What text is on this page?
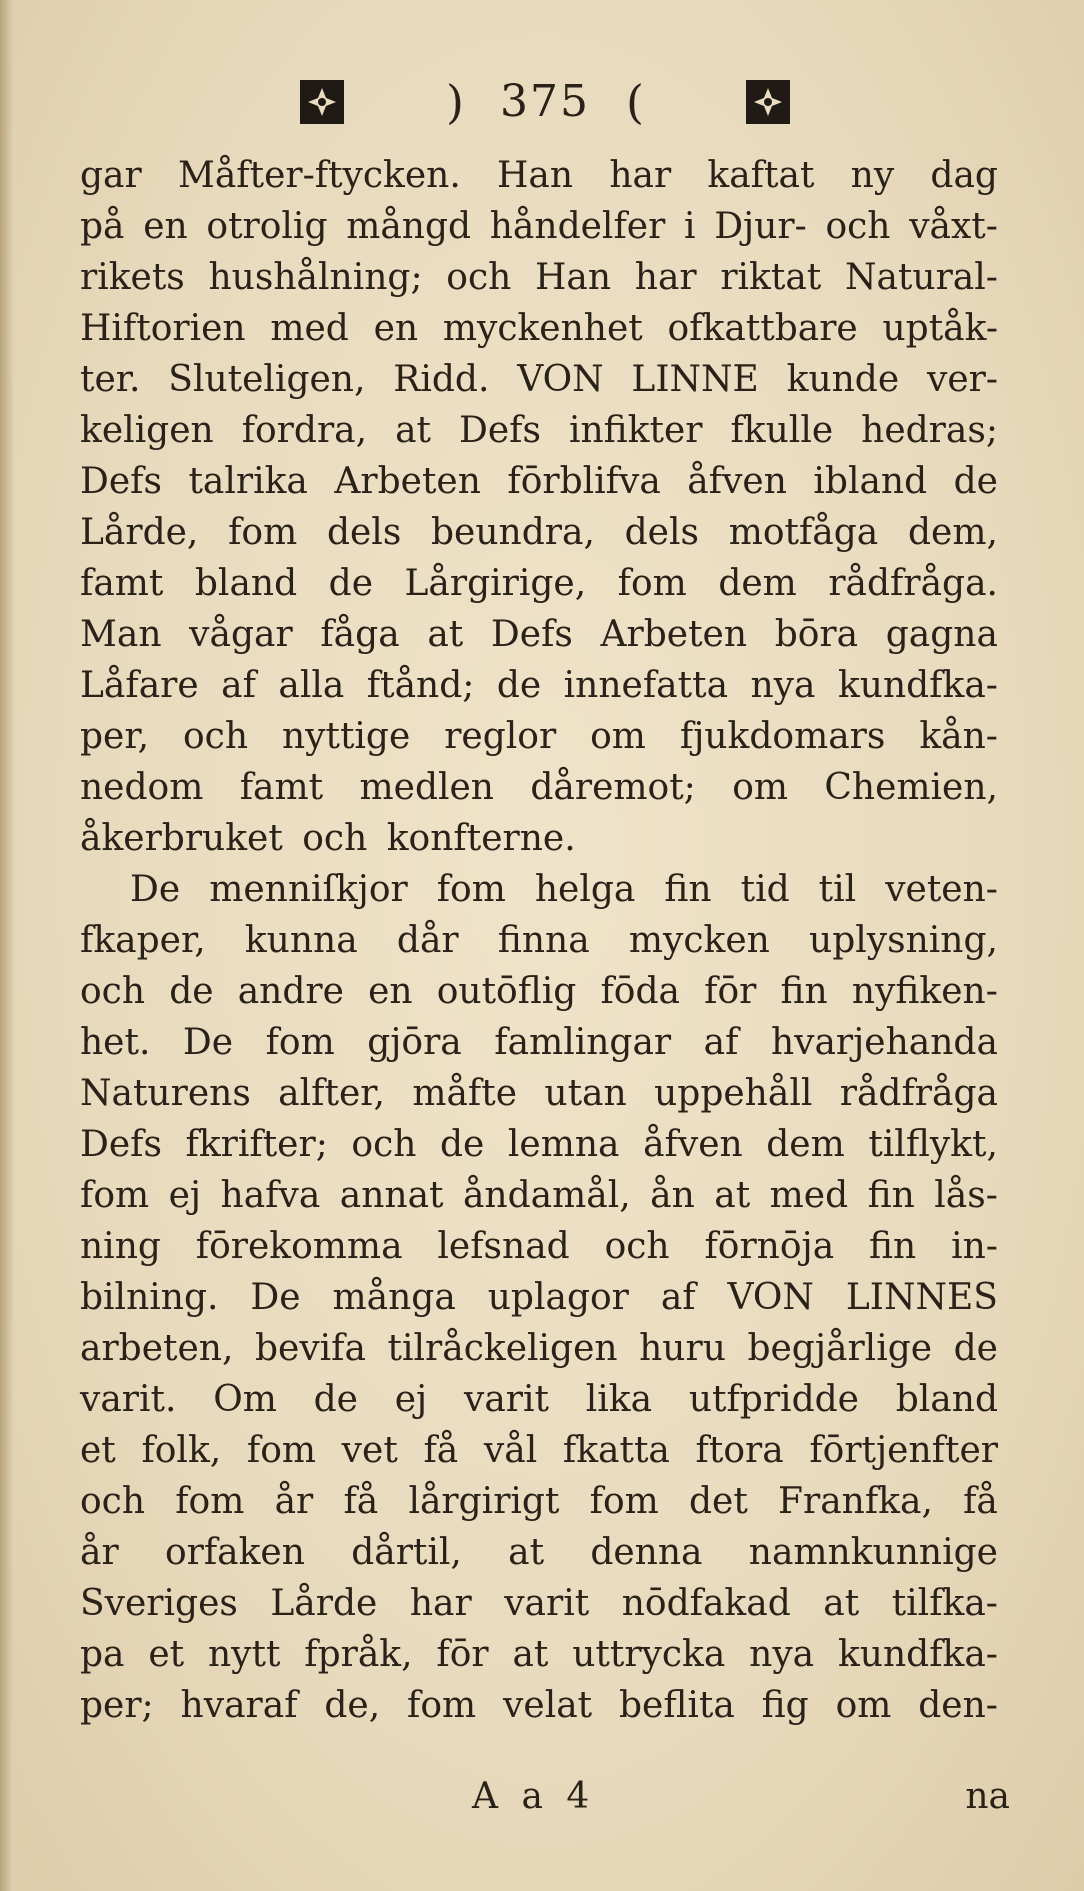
) 375 (
gar Måfter-ftycken. Han har kaftat ny dag
på en otrolig mångd håndelfer i Djur- och våxt-
rikets hushålning; och Han har riktat Natural-
Hiftorien med en myckenhet ofkattbare uptåk-
ter. Sluteligen, Ridd. VON LINNE kunde ver-
keligen fordra, at Defs infikter fkulle hedras;
Defs talrika Arbeten fōrblifva åfven ibland de
Lårde, fom dels beundra, dels motfåga dem,
famt bland de Lårgirige, fom dem rådfråga.
Man vågar fåga at Defs Arbeten bōra gagna
Låfare af alla ftånd; de innefatta nya kundfka-
per, och nyttige reglor om fjukdomars kån-
nedom famt medlen dåremot; om Chemien,
åkerbruket och konfterne.
De menniſkjor fom helga fin tid til veten-
fkaper, kunna dår finna mycken uplysning,
och de andre en outōflig fōda fōr fin nyfiken-
het. De fom gjōra famlingar af hvarjehanda
Naturens alfter, måfte utan uppehåll rådfråga
Defs fkrifter; och de lemna åfven dem tilflykt,
fom ej hafva annat åndamål, ån at med fin lås-
ning fōrekomma lefsnad och fōrnōja fin in-
bilning. De många uplagor af VON LINNES
arbeten, bevifa tilråckeligen huru begjårlige de
varit. Om de ej varit lika utfpridde bland
et folk, fom vet få vål fkatta ftora fōrtjenfter
och fom år få lårgirigt fom det Franfka, få
år orfaken dårtil, at denna namnkunnige
Sveriges Lårde har varit nōdfakad at tilfka-
pa et nytt fpråk, fōr at uttrycka nya kundfka-
per; hvaraf de, fom velat beflita fig om den-
A a 4	na
